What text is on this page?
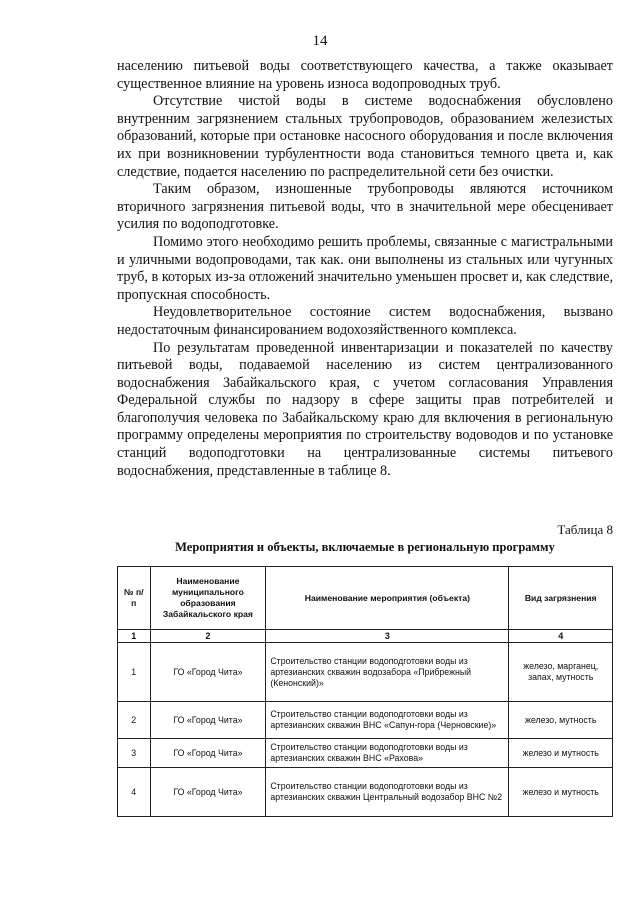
14

населению питьевой воды соответствующего качества, а также оказывает существенное влияние на уровень износа водопроводных труб.

Отсутствие чистой воды в системе водоснабжения обусловлено внутренним загрязнением стальных трубопроводов, образованием железистых образований, которые при остановке насосного оборудования и после включения их при возникновении турбулентности вода становиться темного цвета и, как следствие, подается населению по распределительной сети без очистки.

Таким образом, изношенные трубопроводы являются источником вторичного загрязнения питьевой воды, что в значительной мере обесценивает усилия по водоподготовке.

Помимо этого необходимо решить проблемы, связанные с магистральными и уличными водопроводами, так как. они выполнены из стальных или чугунных труб, в которых из-за отложений значительно уменьшен просвет и, как следствие, пропускная способность.

Неудовлетворительное состояние систем водоснабжения, вызвано недостаточным финансированием водохозяйственного комплекса.

По результатам проведенной инвентаризации и показателей по качеству питьевой воды, подаваемой населению из систем централизованного водоснабжения Забайкальского края, с учетом согласования Управления Федеральной службы по надзору в сфере защиты прав потребителей и благополучия человека по Забайкальскому краю для включения в региональную программу определены мероприятия по строительству водоводов и по установке станций водоподготовки на централизованные системы питьевого водоснабжения, представленные в таблице 8.

Таблица 8
Мероприятия и объекты, включаемые в региональную программу
№ п/п	Наименование муниципального образования Забайкальского края	Наименование мероприятия (объекта)	Вид загрязнения
1	2	3	4
1	ГО «Город Чита»	Строительство станции водоподготовки воды из артезианских скважин водозабора «Прибрежный (Кенонский)»	железо, марганец, запах, мутность
2	ГО «Город Чита»	Строительство станции водоподготовки воды из артезианских скважин ВНС «Сапун-гора (Черновские)»	железо, мутность
3	ГО «Город Чита»	Строительство станции водоподготовки воды из артезианских скважин ВНС «Рахова»	железо и мутность
4	ГО «Город Чита»	Строительство станции водоподготовки воды из артезианских скважин Центральный водозабор ВНС №2	железо и мутность
